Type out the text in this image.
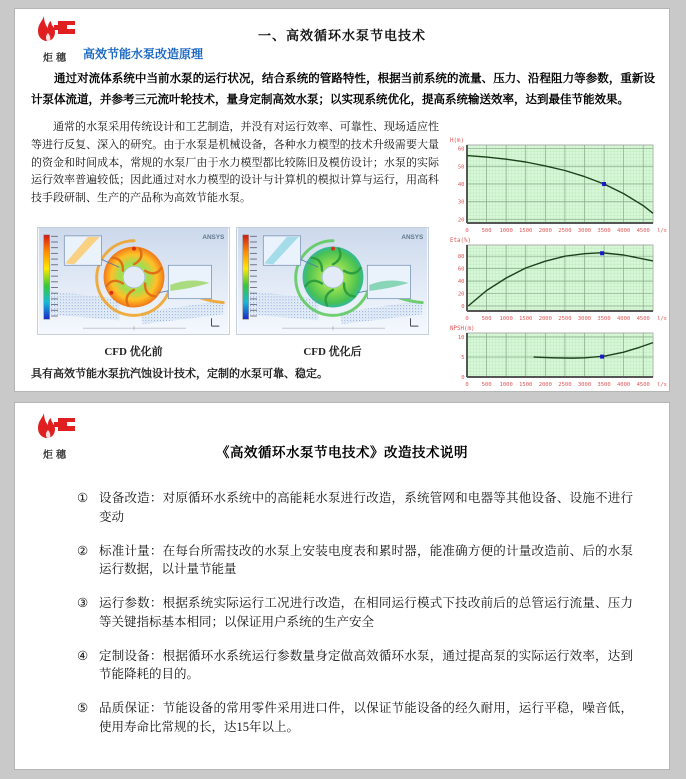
炬穗
一、高效循环水泵节电技术
高效节能水泵改造原理
通过对流体系统中当前水泵的运行状况，结合系统的管路特性，根据当前系统的流量、压力、沿程阻力等参数，重新设计泵体流道，并参考三元流叶轮技术，量身定制高效水泵；以实现系统优化，提高系统输送效率，达到最佳节能效果。
通常的水泵采用传统设计和工艺制造，并没有对运行效率、可靠性、现场适应性等进行反复、深入的研究。由于水泵是机械设备，各种水力模型的技术升级需要大量的资金和时间成本，常规的水泵厂由于水力模型都比较陈旧及模仿设计；水泵的实际运行效率普遍较低；因此通过对水力模型的设计与计算机的模拟计算与运行，用高科技手段研制、生产的产品称为高效节能水泵。
ANSYS
CFD 优化前
ANSYS
CFD 优化后
具有高效节能水泵抗汽蚀设计技术，定制的水泵可靠、稳定。
0 500 1000 1500 2000 2500 3000 3500 4000 4500
20
30
40
50
60
l/s
H(m)
0 500 1000 1500 2000 2500 3000 3500 4000 4500
0
20
40
60
80
l/s
Eta(%)
0 500 1000 1500 2000 2500 3000 3500 4000 4500
0
5
10
l/s
NPSH(m)
炬穗	《高效循环水泵节电技术》改造技术说明
① 设备改造：对原循环水系统中的高能耗水泵进行改造，系统管网和电器等其他设备、设施不进行变动
② 标准计量：在每台所需技改的水泵上安装电度表和累时器，能准确方便的计量改造前、后的水泵运行数据，以计量节能量
③ 运行参数：根据系统实际运行工况进行改造，在相同运行模式下技改前后的总管运行流量、压力等关键指标基本相同；以保证用户系统的生产安全
④ 定制设备：根据循环水系统运行参数量身定做高效循环水泵，通过提高泵的实际运行效率，达到节能降耗的目的。
⑤ 品质保证：节能设备的常用零件采用进口件，以保证节能设备的经久耐用，运行平稳，噪音低，使用寿命比常规的长，达15年以上。
